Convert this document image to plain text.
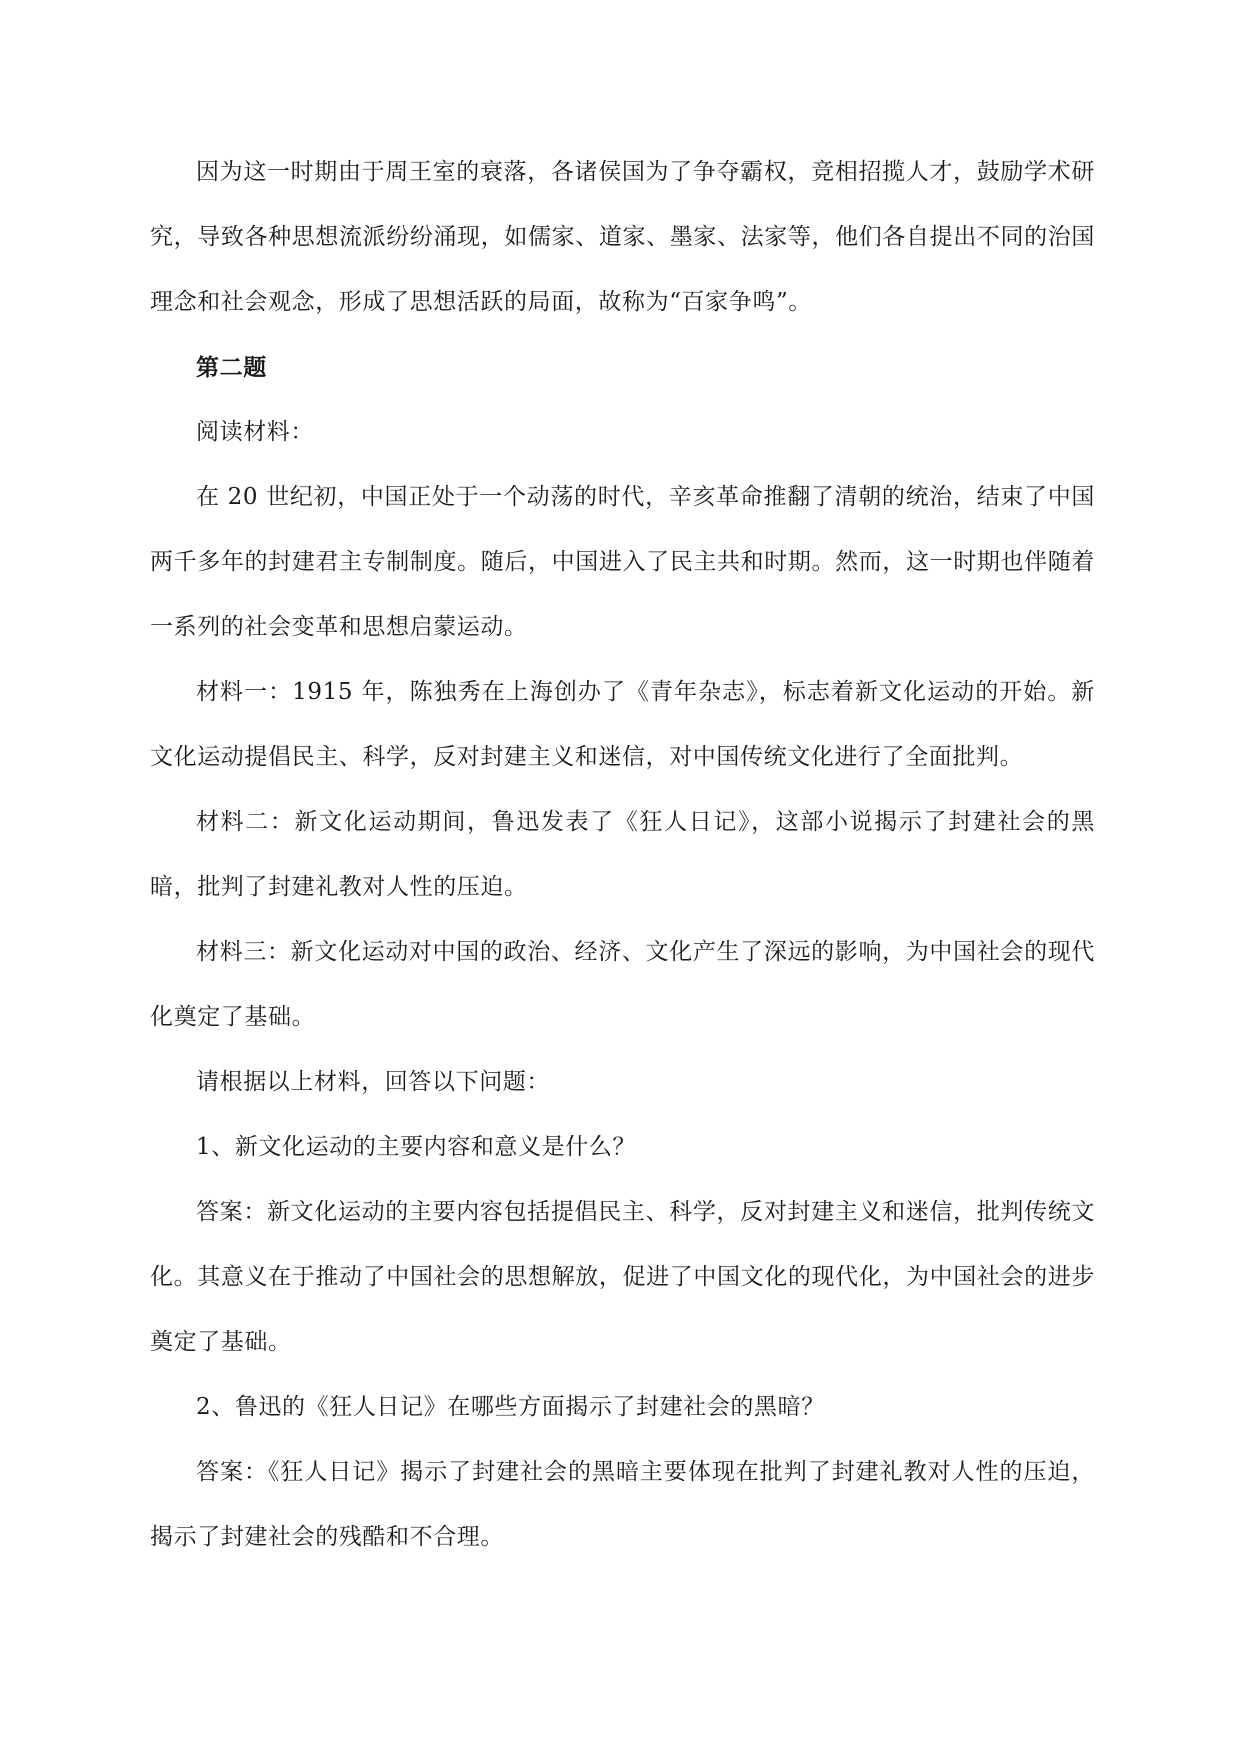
因为这一时期由于周王室的衰落，各诸侯国为了争夺霸权，竞相招揽人才，鼓励学术研究，导致各种思想流派纷纷涌现，如儒家、道家、墨家、法家等，他们各自提出不同的治国理念和社会观念，形成了思想活跃的局面，故称为“百家争鸣”。

第二题

阅读材料：

在 20 世纪初，中国正处于一个动荡的时代，辛亥革命推翻了清朝的统治，结束了中国两千多年的封建君主专制制度。随后，中国进入了民主共和时期。然而，这一时期也伴随着一系列的社会变革和思想启蒙运动。

材料一：1915 年，陈独秀在上海创办了《青年杂志》，标志着新文化运动的开始。新文化运动提倡民主、科学，反对封建主义和迷信，对中国传统文化进行了全面批判。

材料二：新文化运动期间，鲁迅发表了《狂人日记》，这部小说揭示了封建社会的黑暗，批判了封建礼教对人性的压迫。

材料三：新文化运动对中国的政治、经济、文化产生了深远的影响，为中国社会的现代化奠定了基础。

请根据以上材料，回答以下问题：

1、新文化运动的主要内容和意义是什么？

答案：新文化运动的主要内容包括提倡民主、科学，反对封建主义和迷信，批判传统文化。其意义在于推动了中国社会的思想解放，促进了中国文化的现代化，为中国社会的进步奠定了基础。

2、鲁迅的《狂人日记》在哪些方面揭示了封建社会的黑暗？

答案：《狂人日记》揭示了封建社会的黑暗主要体现在批判了封建礼教对人性的压迫，揭示了封建社会的残酷和不合理。
